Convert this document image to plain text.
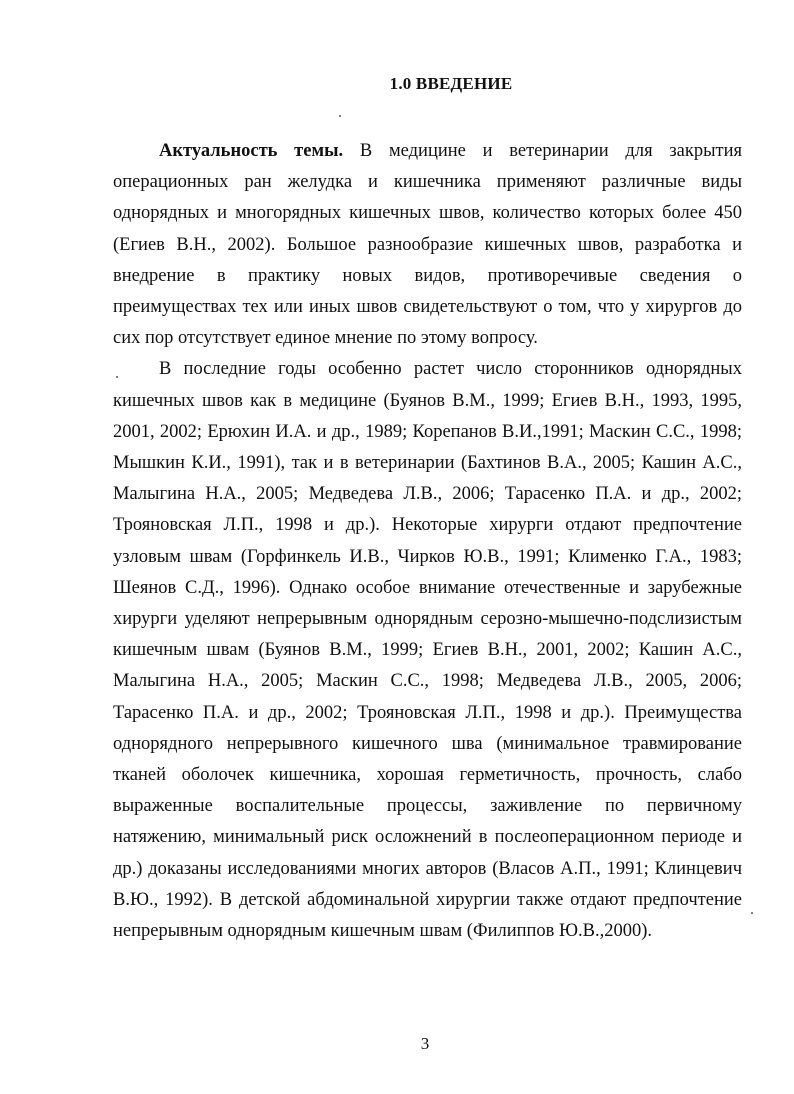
1.0 ВВЕДЕНИЕ

Актуальность темы. В медицине и ветеринарии для закрытия операционных ран желудка и кишечника применяют различные виды однорядных и многорядных кишечных швов, количество которых более 450 (Егиев В.Н., 2002). Большое разнообразие кишечных швов, разработка и внедрение в практику новых видов, противоречивые сведения о преимуществах тех или иных швов свидетельствуют о том, что у хирургов до сих пор отсутствует единое мнение по этому вопросу.

В последние годы особенно растет число сторонников однорядных кишечных швов как в медицине (Буянов В.М., 1999; Егиев В.Н., 1993, 1995, 2001, 2002; Ерюхин И.А. и др., 1989; Корепанов В.И.,1991; Маскин С.С., 1998; Мышкин К.И., 1991), так и в ветеринарии (Бахтинов В.А., 2005; Кашин А.С., Малыгина Н.А., 2005; Медведева Л.В., 2006; Тарасенко П.А. и др., 2002; Трояновская Л.П., 1998 и др.). Некоторые хирурги отдают предпочтение узловым швам (Горфинкель И.В., Чирков Ю.В., 1991; Клименко Г.А., 1983; Шеянов С.Д., 1996). Однако особое внимание отечественные и зарубежные хирурги уделяют непрерывным однорядным серозно-мышечно-подслизистым кишечным швам (Буянов В.М., 1999; Егиев В.Н., 2001, 2002; Кашин А.С., Малыгина Н.А., 2005; Маскин С.С., 1998; Медведева Л.В., 2005, 2006; Тарасенко П.А. и др., 2002; Трояновская Л.П., 1998 и др.). Преимущества однорядного непрерывного кишечного шва (минимальное травмирование тканей оболочек кишечника, хорошая герметичность, прочность, слабо выраженные воспалительные процессы, заживление по первичному натяжению, минимальный риск осложнений в послеоперационном периоде и др.) доказаны исследованиями многих авторов (Власов А.П., 1991; Клинцевич В.Ю., 1992). В детской абдоминальной хирургии также отдают предпочтение непрерывным однорядным кишечным швам (Филиппов Ю.В.,2000).

3
